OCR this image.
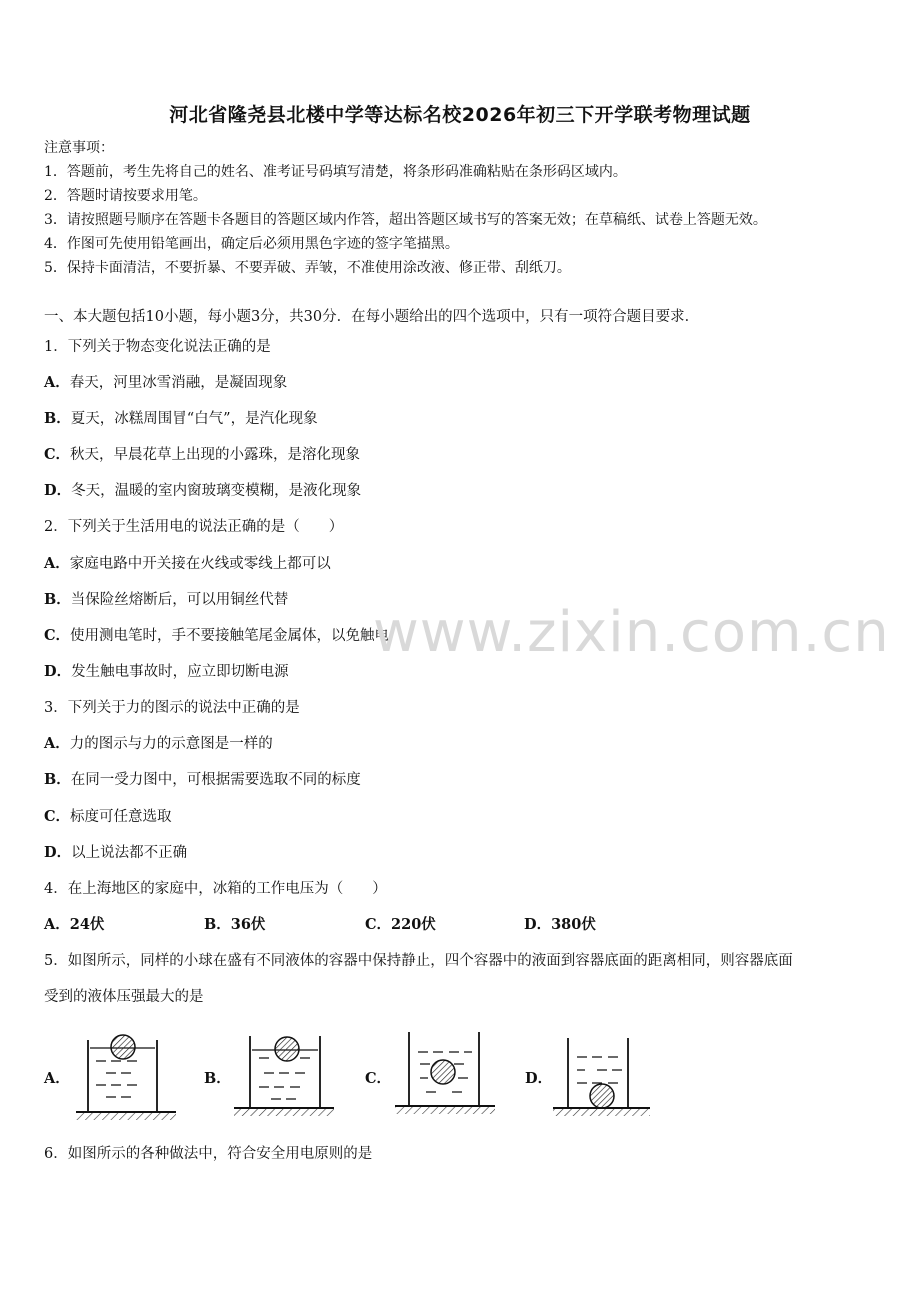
河北省隆尧县北楼中学等达标名校2026年初三下开学联考物理试题
注意事项：
1．答题前，考生先将自己的姓名、准考证号码填写清楚，将条形码准确粘贴在条形码区域内。
2．答题时请按要求用笔。
3．请按照题号顺序在答题卡各题目的答题区域内作答，超出答题区域书写的答案无效；在草稿纸、试卷上答题无效。
4．作图可先使用铅笔画出，确定后必须用黑色字迹的签字笔描黑。
5．保持卡面清洁，不要折暴、不要弄破、弄皱，不准使用涂改液、修正带、刮纸刀。
一、本大题包括10小题，每小题3分，共30分．在每小题给出的四个选项中，只有一项符合题目要求．
1．下列关于物态变化说法正确的是
A．春天，河里冰雪消融，是凝固现象
B．夏天，冰糕周围冒“白气”，是汽化现象
C．秋天，早晨花草上出现的小露珠，是溶化现象
D．冬天，温暖的室内窗玻璃变模糊，是液化现象
2．下列关于生活用电的说法正确的是（　　）
A．家庭电路中开关接在火线或零线上都可以
B．当保险丝熔断后，可以用铜丝代替
C．使用测电笔时，手不要接触笔尾金属体，以免触电
D．发生触电事故时，应立即切断电源
3．下列关于力的图示的说法中正确的是
A．力的图示与力的示意图是一样的
B．在同一受力图中，可根据需要选取不同的标度
C．标度可任意选取
D．以上说法都不正确
4．在上海地区的家庭中，冰箱的工作电压为（　　）
A．24伏	B．36伏	C．220伏	D．380伏
5．如图所示，同样的小球在盛有不同液体的容器中保持静止，四个容器中的液面到容器底面的距离相同，则容器底面
受到的液体压强最大的是
A．	B．	C．	D．
6．如图所示的各种做法中，符合安全用电原则的是
www.zixin.com.cn
